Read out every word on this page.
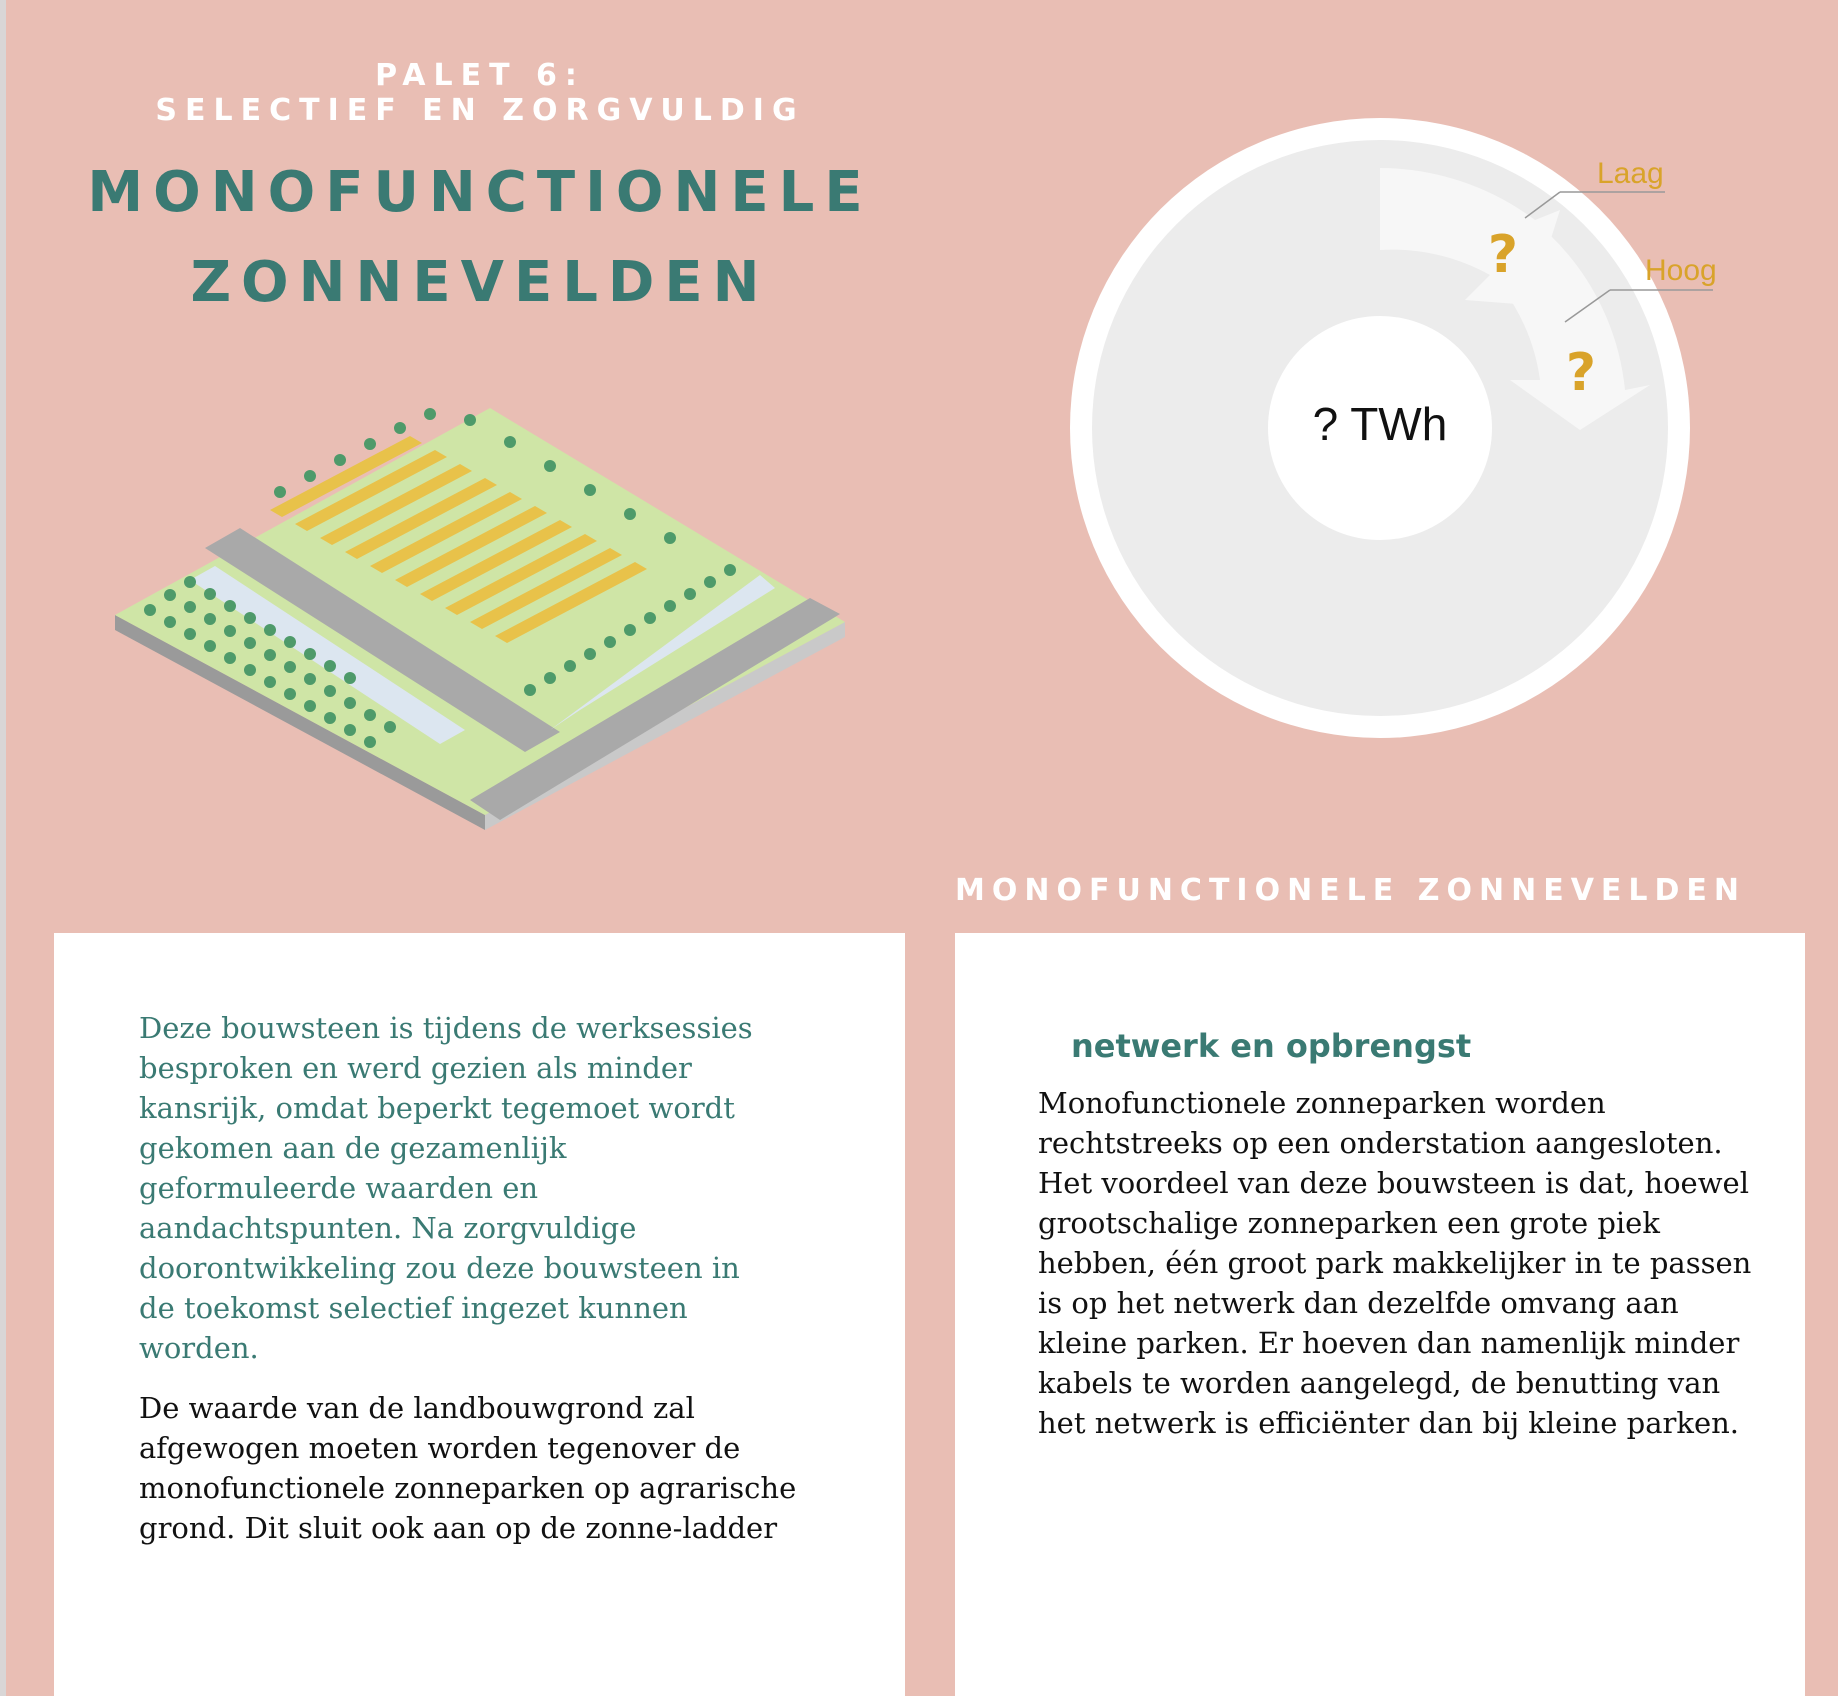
PALET 6:
SELECTIEF EN ZORGVULDIG
MONOFUNCTIONELE
ZONNEVELDEN
? TWh
Laag
Hoog
?
?
MONOFUNCTIONELE ZONNEVELDEN

Deze bouwsteen is tijdens de werksessies besproken en werd gezien als minder kansrijk, omdat beperkt tegemoet wordt gekomen aan de gezamenlijk geformuleerde waarden en aandachtspunten. Na zorgvuldige doorontwikkeling zou deze bouwsteen in de toekomst selectief ingezet kunnen worden.

De waarde van de landbouwgrond zal afgewogen moeten worden tegenover de monofunctionele zonneparken op agrarische grond. Dit sluit ook aan op de zonne-ladder

netwerk en opbrengst

Monofunctionele zonneparken worden rechtstreeks op een onderstation aangesloten. Het voordeel van deze bouwsteen is dat, hoewel grootschalige zonneparken een grote piek hebben, één groot park makkelijker in te passen is op het netwerk dan dezelfde omvang aan kleine parken. Er hoeven dan namenlijk minder kabels te worden aangelegd, de benutting van het netwerk is efficiënter dan bij kleine parken.
